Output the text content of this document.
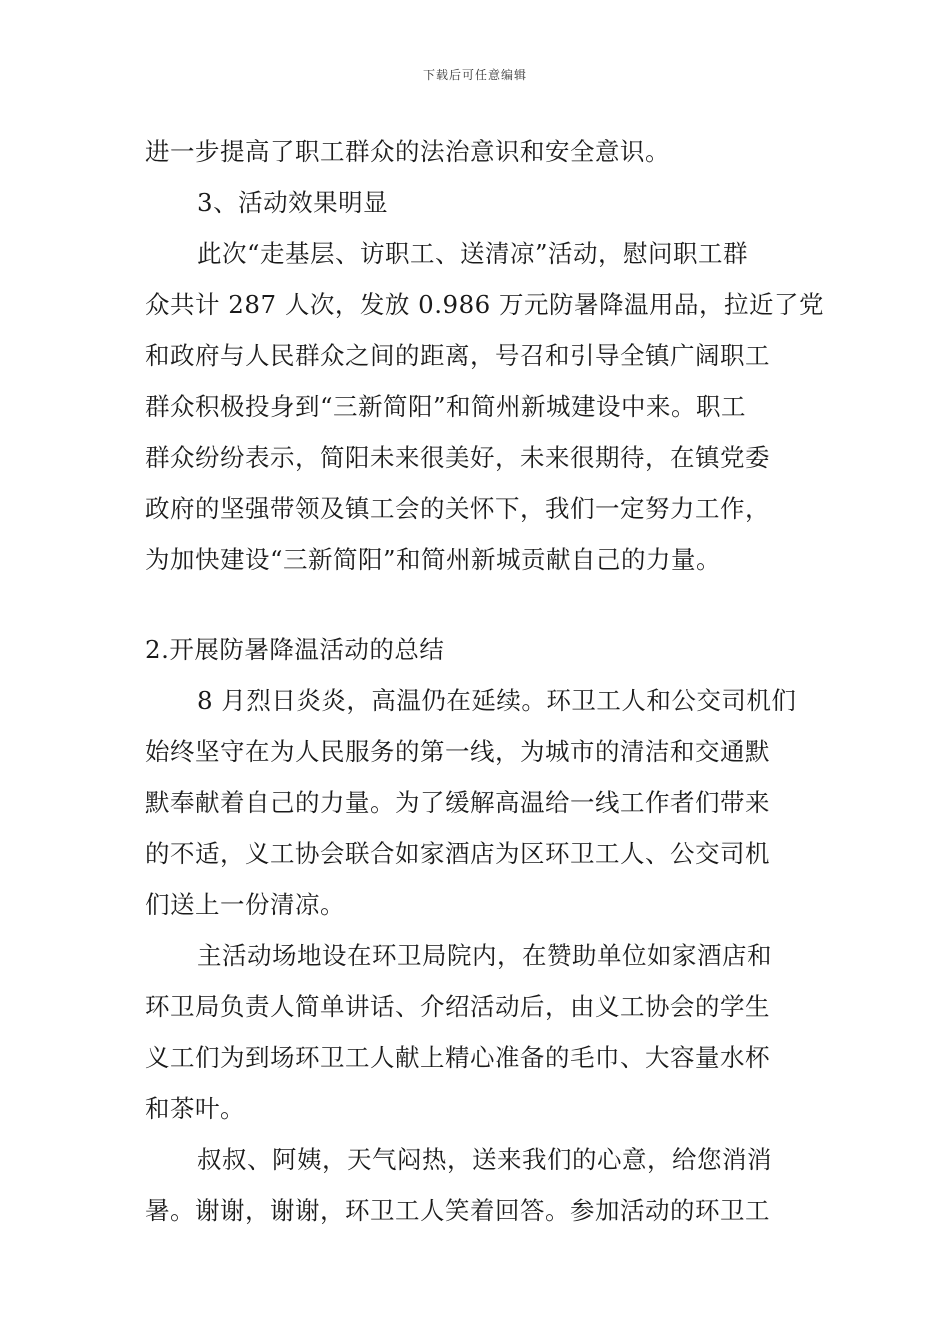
下载后可任意编辑
进一步提高了职工群众的法治意识和安全意识。
3、活动效果明显
此次“走基层、访职工、送清凉”活动，慰问职工群
众共计 287 人次，发放 0.986 万元防暑降温用品，拉近了党
和政府与人民群众之间的距离，号召和引导全镇广阔职工
群众积极投身到“三新简阳”和简州新城建设中来。职工
群众纷纷表示，简阳未来很美好，未来很期待，在镇党委
政府的坚强带领及镇工会的关怀下，我们一定努力工作，
为加快建设“三新简阳”和简州新城贡献自己的力量。
2.开展防暑降温活动的总结
8 月烈日炎炎，高温仍在延续。环卫工人和公交司机们
始终坚守在为人民服务的第一线，为城市的清洁和交通默
默奉献着自己的力量。为了缓解高温给一线工作者们带来
的不适，义工协会联合如家酒店为区环卫工人、公交司机
们送上一份清凉。
主活动场地设在环卫局院内，在赞助单位如家酒店和
环卫局负责人简单讲话、介绍活动后，由义工协会的学生
义工们为到场环卫工人献上精心准备的毛巾、大容量水杯
和茶叶。
叔叔、阿姨，天气闷热，送来我们的心意，给您消消
暑。谢谢，谢谢，环卫工人笑着回答。参加活动的环卫工
